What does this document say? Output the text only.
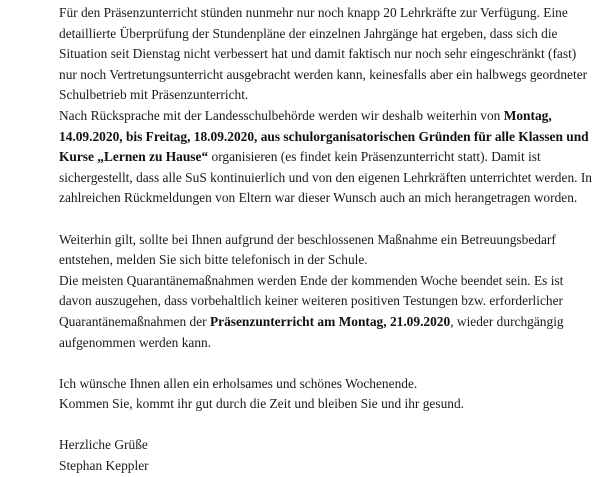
Für den Präsenzunterricht stünden nunmehr nur noch knapp 20 Lehrkräfte zur Verfügung. Eine
detaillierte Überprüfung der Stundenpläne der einzelnen Jahrgänge hat ergeben, dass sich die
Situation seit Dienstag nicht verbessert hat und damit faktisch nur noch sehr eingeschränkt (fast)
nur noch Vertretungsunterricht ausgebracht werden kann, keinesfalls aber ein halbwegs geordneter
Schulbetrieb mit Präsenzunterricht.
Nach Rücksprache mit der Landesschulbehörde werden wir deshalb weiterhin von Montag,
14.09.2020, bis Freitag, 18.09.2020, aus schulorganisatorischen Gründen für alle Klassen und
Kurse „Lernen zu Hause“ organisieren (es findet kein Präsenzunterricht statt). Damit ist
sichergestellt, dass alle SuS kontinuierlich und von den eigenen Lehrkräften unterrichtet werden. In
zahlreichen Rückmeldungen von Eltern war dieser Wunsch auch an mich herangetragen worden.
Weiterhin gilt, sollte bei Ihnen aufgrund der beschlossenen Maßnahme ein Betreuungsbedarf
entstehen, melden Sie sich bitte telefonisch in der Schule.
Die meisten Quarantänemaßnahmen werden Ende der kommenden Woche beendet sein. Es ist
davon auszugehen, dass vorbehaltlich keiner weiteren positiven Testungen bzw. erforderlicher
Quarantänemaßnahmen der Präsenzunterricht am Montag, 21.09.2020, wieder durchgängig
aufgenommen werden kann.
Ich wünsche Ihnen allen ein erholsames und schönes Wochenende.
Kommen Sie, kommt ihr gut durch die Zeit und bleiben Sie und ihr gesund.
Herzliche Grüße
Stephan Keppler
